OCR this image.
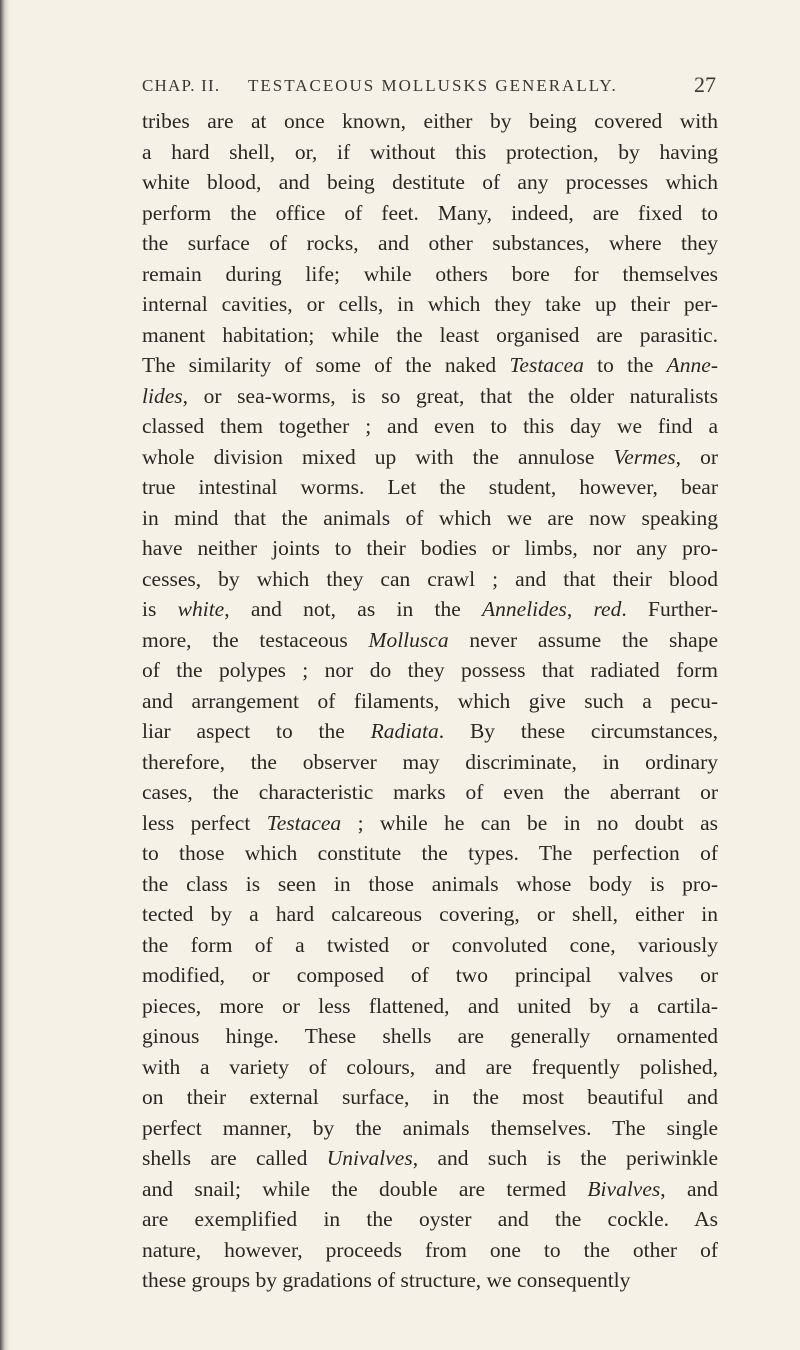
CHAP. II. TESTACEOUS MOLLUSKS GENERALLY.	27
tribes are at once known, either by being covered with
a hard shell, or, if without this protection, by having
white blood, and being destitute of any processes which
perform the office of feet. Many, indeed, are fixed to
the surface of rocks, and other substances, where they
remain during life; while others bore for themselves
internal cavities, or cells, in which they take up their per-
manent habitation; while the least organised are parasitic.
The similarity of some of the naked Testacea to the Anne-
lides, or sea-worms, is so great, that the older naturalists
classed them together ; and even to this day we find a
whole division mixed up with the annulose Vermes, or
true intestinal worms. Let the student, however, bear
in mind that the animals of which we are now speaking
have neither joints to their bodies or limbs, nor any pro-
cesses, by which they can crawl ; and that their blood
is white, and not, as in the Annelides, red. Further-
more, the testaceous Mollusca never assume the shape
of the polypes ; nor do they possess that radiated form
and arrangement of filaments, which give such a pecu-
liar aspect to the Radiata. By these circumstances,
therefore, the observer may discriminate, in ordinary
cases, the characteristic marks of even the aberrant or
less perfect Testacea ; while he can be in no doubt as
to those which constitute the types. The perfection of
the class is seen in those animals whose body is pro-
tected by a hard calcareous covering, or shell, either in
the form of a twisted or convoluted cone, variously
modified, or composed of two principal valves or
pieces, more or less flattened, and united by a cartila-
ginous hinge. These shells are generally ornamented
with a variety of colours, and are frequently polished,
on their external surface, in the most beautiful and
perfect manner, by the animals themselves. The single
shells are called Univalves, and such is the periwinkle
and snail; while the double are termed Bivalves, and
are exemplified in the oyster and the cockle. As
nature, however, proceeds from one to the other of
these groups by gradations of structure, we consequently
